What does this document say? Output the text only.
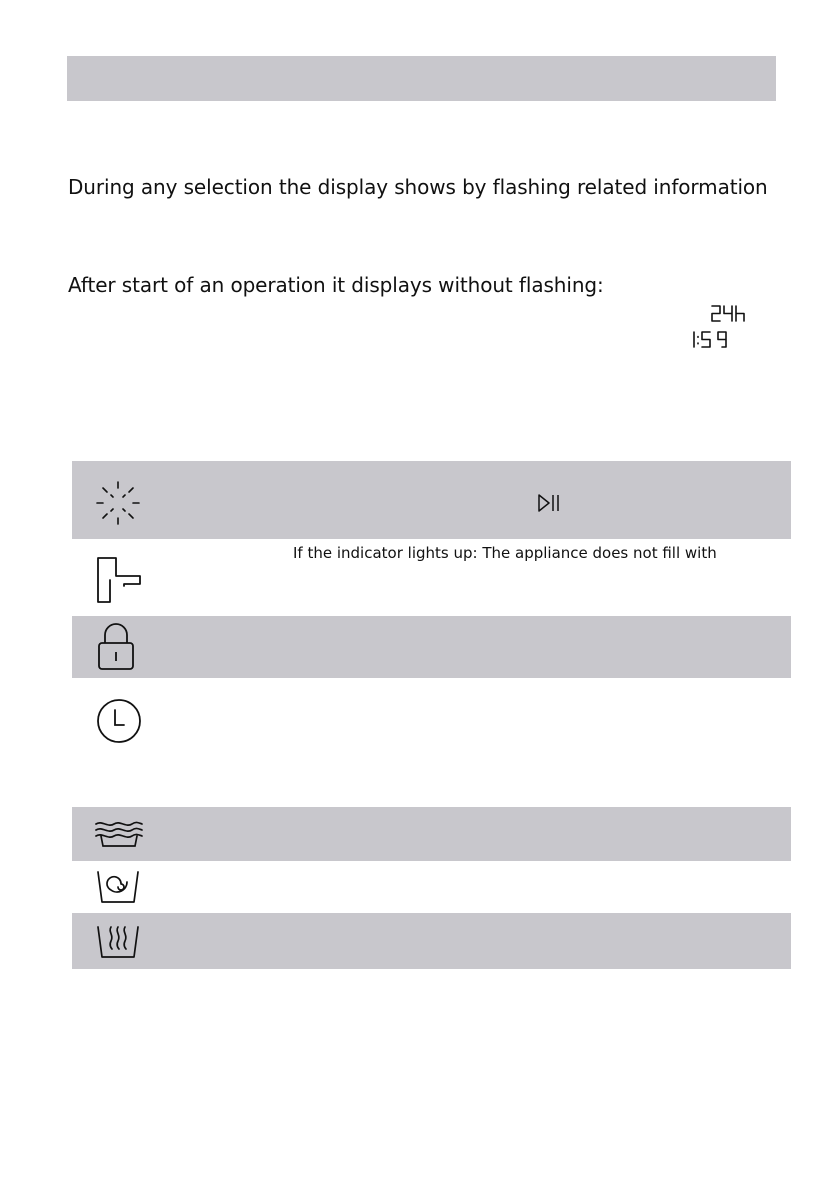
During any selection the display shows by flashing related information
After start of an operation it displays without flashing:
If the indicator lights up: The appliance does not fill with
